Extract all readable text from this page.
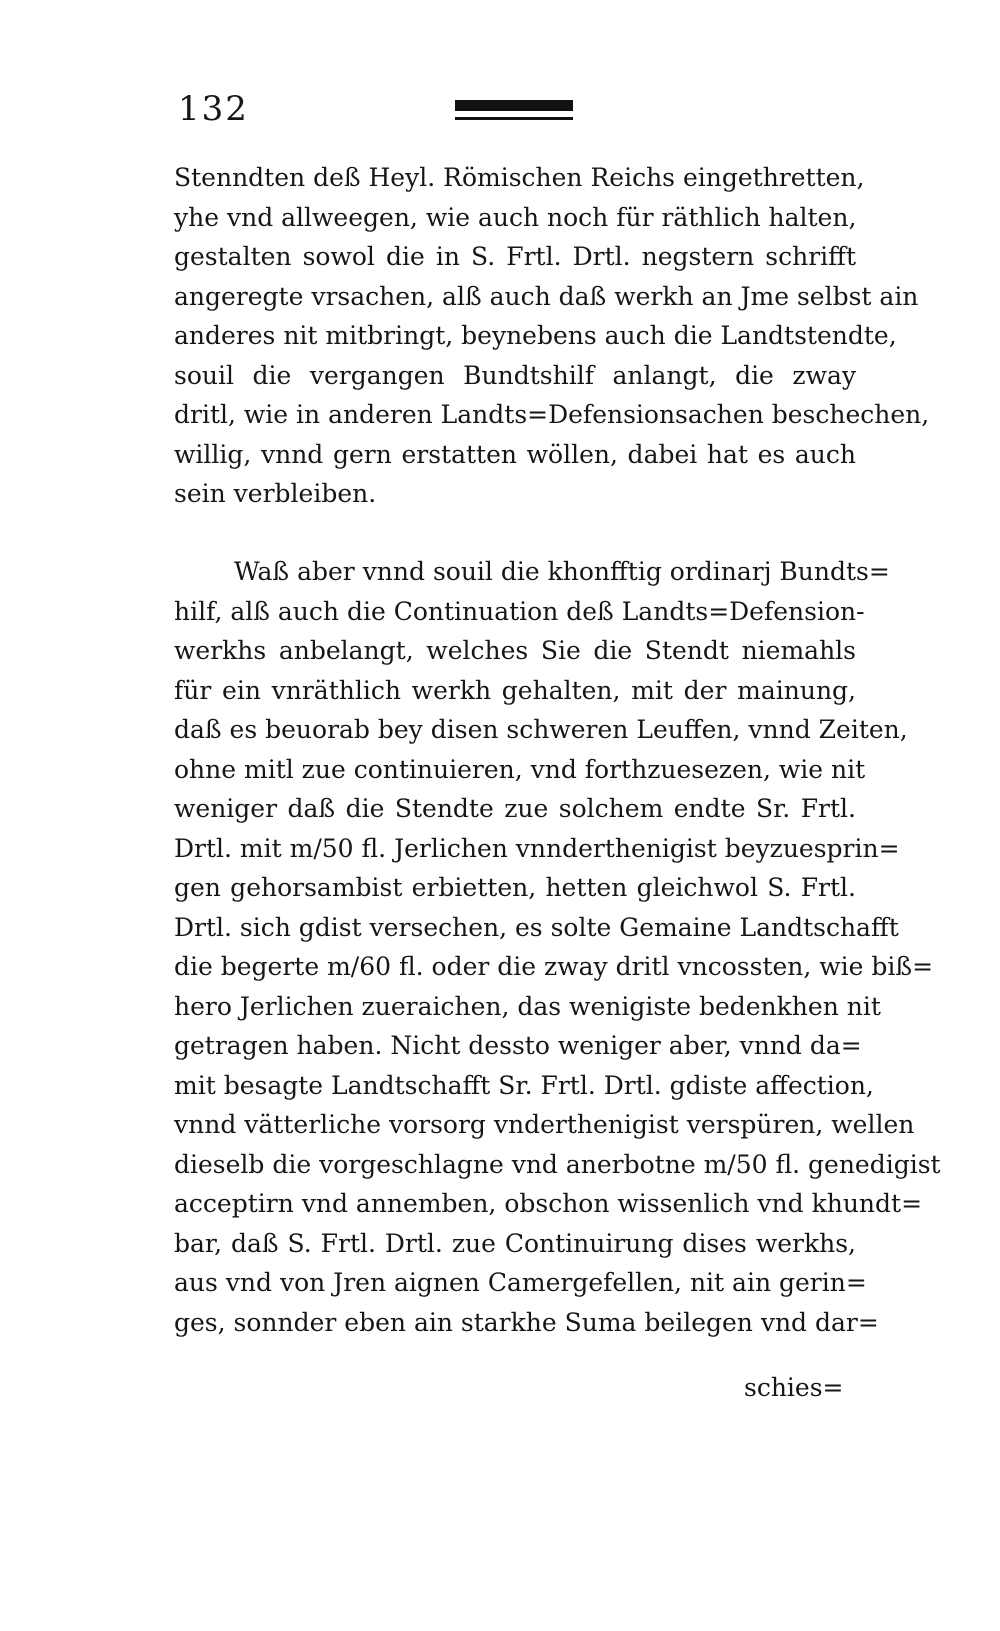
132
Stenndten deß Heyl. Römischen Reichs eingethretten,
yhe vnd allweegen, wie auch noch für räthlich halten,
gestalten sowol die in S. Frtl. Drtl. negstern schrifft
angeregte vrsachen, alß auch daß werkh an Jme selbst ain
anderes nit mitbringt, beynebens auch die Landtstendte,
souil die vergangen Bundtshilf anlangt, die zway
dritl, wie in anderen Landts=Defensionsachen beschechen,
willig, vnnd gern erstatten wöllen, dabei hat es auch
sein verbleiben.
Waß aber vnnd souil die khonfftig ordinarj Bundts=
hilf, alß auch die Continuation deß Landts=Defension-
werkhs anbelangt, welches Sie die Stendt niemahls
für ein vnräthlich werkh gehalten, mit der mainung,
daß es beuorab bey disen schweren Leuffen, vnnd Zeiten,
ohne mitl zue continuieren, vnd forthzuesezen, wie nit
weniger daß die Stendte zue solchem endte Sr. Frtl.
Drtl. mit m/50 fl. Jerlichen vnnderthenigist beyzuesprin=
gen gehorsambist erbietten, hetten gleichwol S. Frtl.
Drtl. sich gdist versechen, es solte Gemaine Landtschafft
die begerte m/60 fl. oder die zway dritl vncossten, wie biß=
hero Jerlichen zueraichen, das wenigiste bedenkhen nit
getragen haben. Nicht dessto weniger aber, vnnd da=
mit besagte Landtschafft Sr. Frtl. Drtl. gdiste affection,
vnnd vätterliche vorsorg vnderthenigist verspüren, wellen
dieselb die vorgeschlagne vnd anerbotne m/50 fl. genedigist
acceptirn vnd annemben, obschon wissenlich vnd khundt=
bar, daß S. Frtl. Drtl. zue Continuirung dises werkhs,
aus vnd von Jren aignen Camergefellen, nit ain gerin=
ges, sonnder eben ain starkhe Suma beilegen vnd dar=
schies=
